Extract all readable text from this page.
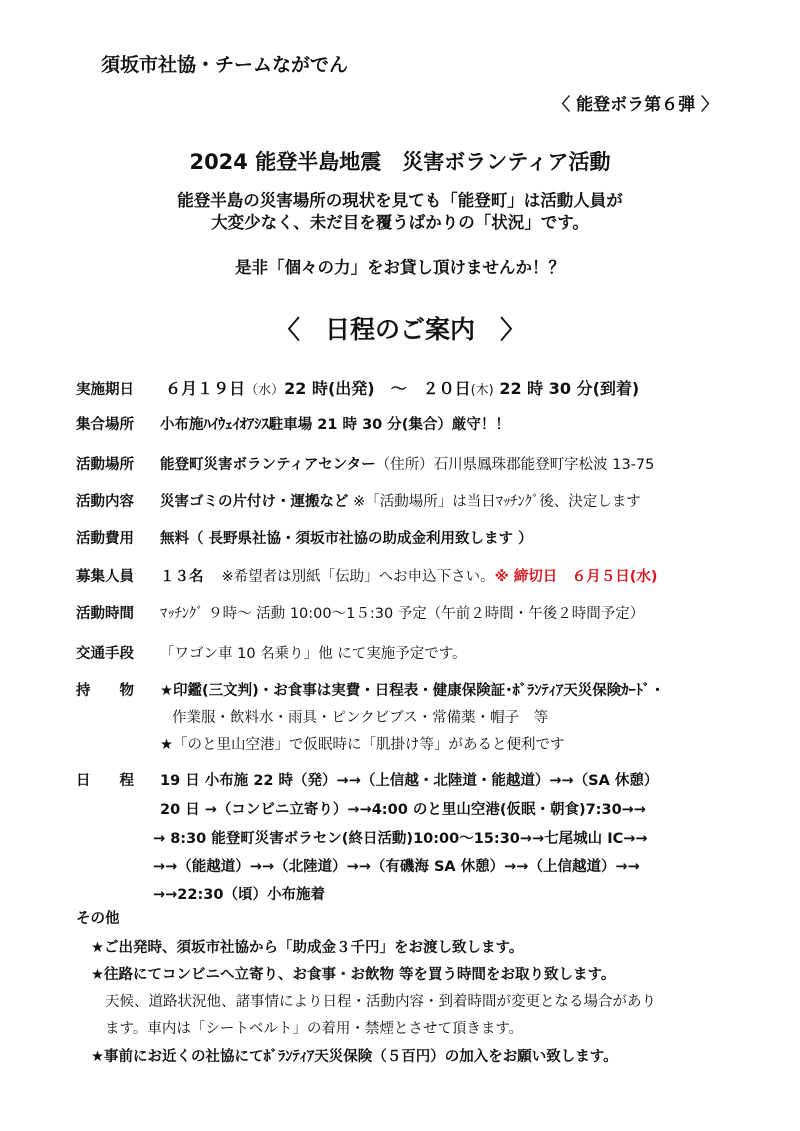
須坂市社協・チームながでん
〈 能登ボラ第６弾 〉
2024 能登半島地震　災害ボランティア活動
能登半島の災害場所の現状を見ても「能登町」は活動人員が
大変少なく、未だ目を覆うばかりの「状況」です。
是非「個々の力」をお貸し頂けませんか！？
〈　日程のご案内　〉
実施期日 ６月１９日（水）22 時(出発)　～　２０日(木) 22 時 30 分(到着)
集合場所 小布施ﾊｲｳｪｲｵｱｼｽ駐車場 21 時 30 分(集合）厳守！！
活動場所 能登町災害ボランティアセンター（住所）石川県鳳珠郡能登町字松波 13-75
活動内容 災害ゴミの片付け・運搬など ※「活動場所」は当日ﾏｯﾁﾝｸﾞ後、決定します
活動費用 無料（ 長野県社協・須坂市社協の助成金利用致します ）
募集人員 １３名 ※希望者は別紙「伝助」へお申込下さい。※ 締切日　６月５日(水)
活動時間 ﾏｯﾁﾝｸﾞ ９時～ 活動 10:00～1５:30 予定（午前２時間・午後２時間予定）
交通手段 「ワゴン車 10 名乗り」他 にて実施予定です。
持　　物 ★印鑑(三文判)・お食事は実費・日程表・健康保険証･ﾎﾞﾗﾝﾃｨｱ天災保険ｶｰﾄﾞ・
作業服・飲料水・雨具・ピンクビブス・常備薬・帽子　等
★「のと里山空港」で仮眠時に「肌掛け等」があると便利です
日　　程 19 日 小布施 22 時（発）→→（上信越・北陸道・能越道）→→（SA 休憩）
20 日 →（コンビニ立寄り）→→4:00 のと里山空港(仮眠・朝食)7:30→→
→ 8:30 能登町災害ボラセン(終日活動)10:00～15:30→→七尾城山 IC→→
→→（能越道）→→（北陸道）→→（有磯海 SA 休憩）→→（上信越道）→→
→→22:30（頃）小布施着
その他
★ご出発時、須坂市社協から「助成金３千円」をお渡し致します。
★往路にてコンビニへ立寄り、お食事・お飲物 等を買う時間をお取り致します。
天候、道路状況他、諸事情により日程・活動内容・到着時間が変更となる場合があり
ます。車内は「シートベルト」の着用・禁煙とさせて頂きます。
★事前にお近くの社協にてﾎﾞﾗﾝﾃｨｱ天災保険（５百円）の加入をお願い致します。
